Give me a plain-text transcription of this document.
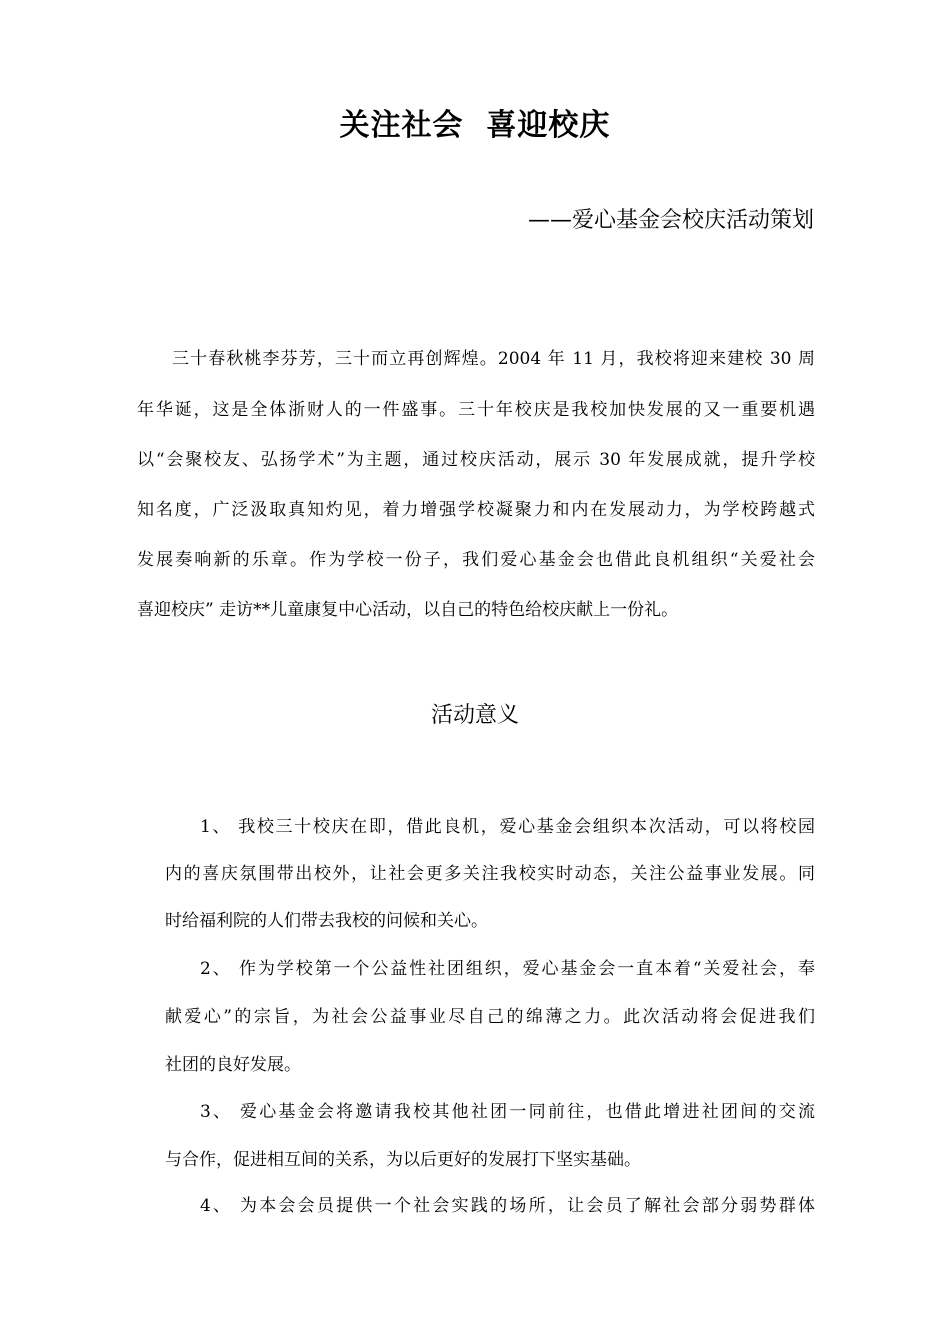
关注社会  喜迎校庆
——爱心基金会校庆活动策划
三十春秋桃李芬芳，三十而立再创辉煌。2004 年 11 月，我校将迎来建校 30 周
年华诞，这是全体浙财人的一件盛事。三十年校庆是我校加快发展的又一重要机遇
以“会聚校友、弘扬学术”为主题，通过校庆活动，展示 30 年发展成就，提升学校
知名度，广泛汲取真知灼见，着力增强学校凝聚力和内在发展动力，为学校跨越式
发展奏响新的乐章。作为学校一份子，我们爱心基金会也借此良机组织“关爱社会
喜迎校庆” 走访**儿童康复中心活动，以自己的特色给校庆献上一份礼。
活动意义
1、 我校三十校庆在即，借此良机，爱心基金会组织本次活动，可以将校园
内的喜庆氛围带出校外，让社会更多关注我校实时动态，关注公益事业发展。同
时给福利院的人们带去我校的问候和关心。
2、 作为学校第一个公益性社团组织，爱心基金会一直本着“关爱社会，奉
献爱心”的宗旨，为社会公益事业尽自己的绵薄之力。此次活动将会促进我们
社团的良好发展。
3、 爱心基金会将邀请我校其他社团一同前往，也借此增进社团间的交流
与合作，促进相互间的关系，为以后更好的发展打下坚实基础。
4、 为本会会员提供一个社会实践的场所，让会员了解社会部分弱势群体
